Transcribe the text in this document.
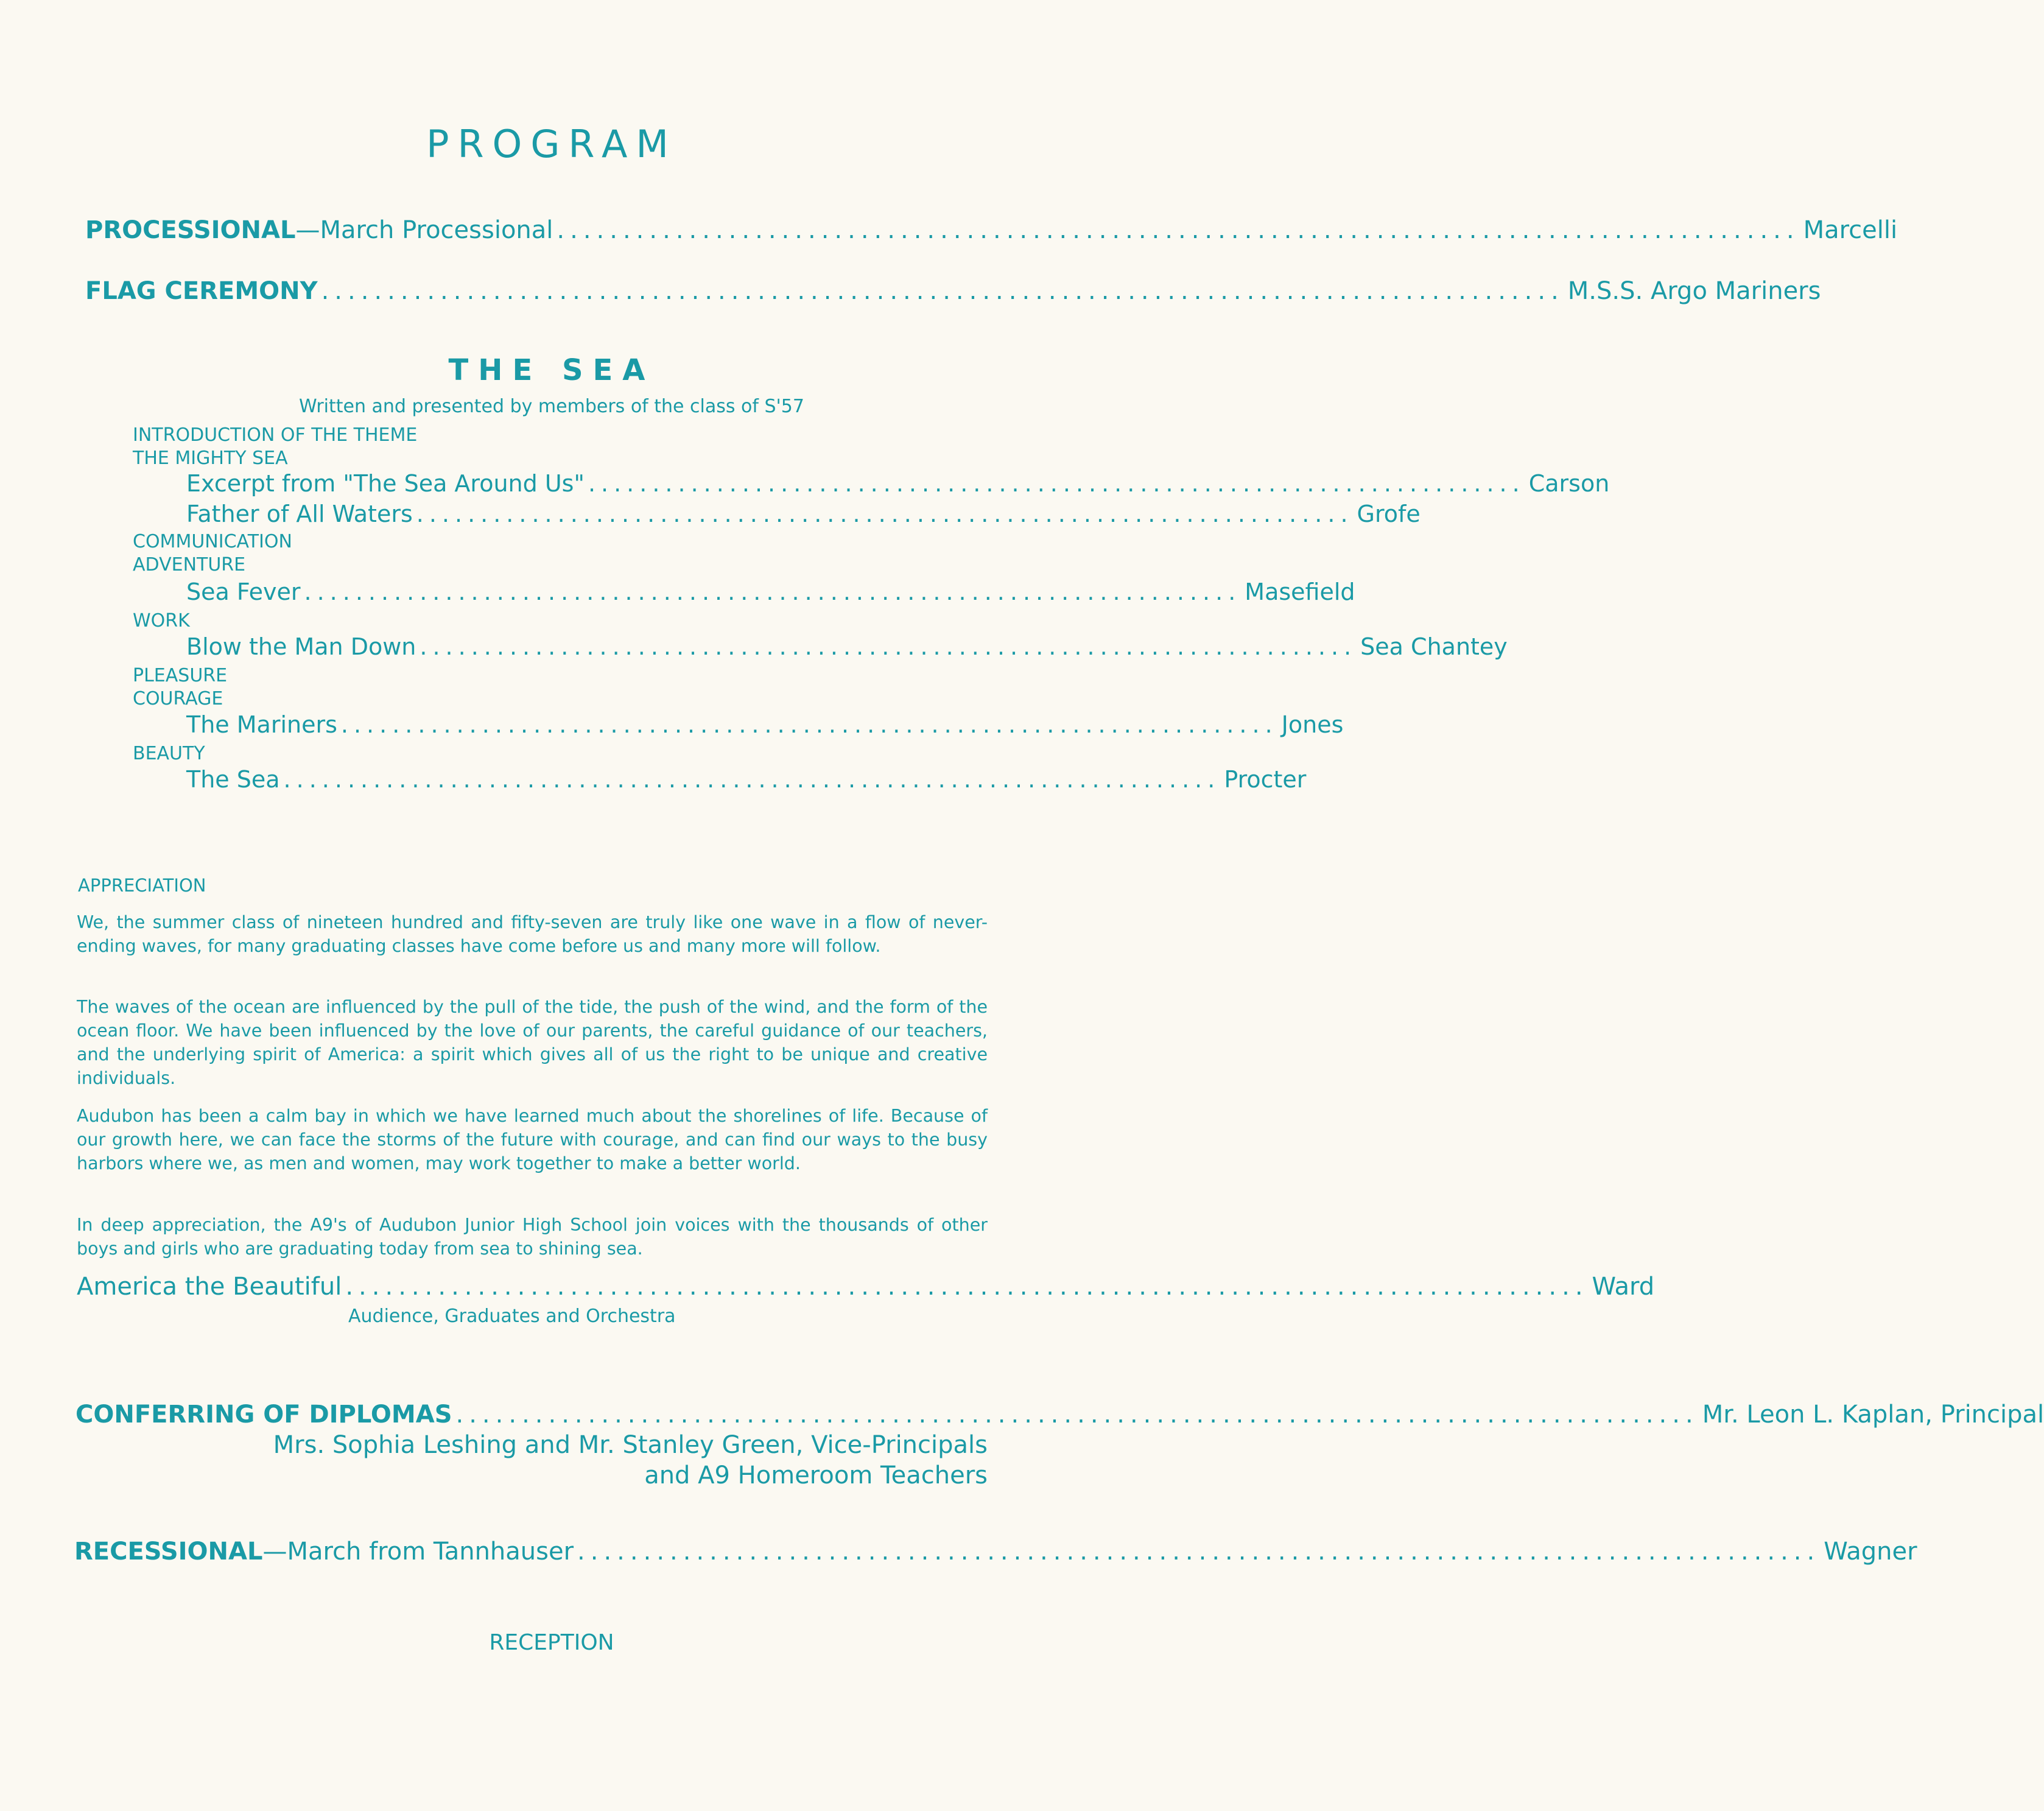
PROGRAM
PROCESSIONAL — March Processional .............................................................................................. Marcelli
FLAG CEREMONY .............................................................................................. M.S.S. Argo Mariners
THE SEA
Written and presented by members of the class of S'57
INTRODUCTION OF THE THEME
THE MIGHTY SEA
Excerpt from "The Sea Around Us" ......................................................................... Carson
Father of All Waters ......................................................................... Grofe
COMMUNICATION
ADVENTURE
Sea Fever ......................................................................... Masefield
WORK
Blow the Man Down ......................................................................... Sea Chantey
PLEASURE
COURAGE
The Mariners ......................................................................... Jones
BEAUTY
The Sea ......................................................................... Procter
APPRECIATION
We, the summer class of nineteen hundred and fifty-seven are truly like one wave in a flow of never-ending waves, for many graduating classes have come before us and many more will follow.
The waves of the ocean are influenced by the pull of the tide, the push of the wind, and the form of the ocean floor. We have been influenced by the love of our parents, the careful guidance of our teachers, and the underlying spirit of America: a spirit which gives all of us the right to be unique and creative individuals.
Audubon has been a calm bay in which we have learned much about the shorelines of life. Because of our growth here, we can face the storms of the future with courage, and can find our ways to the busy harbors where we, as men and women, may work together to make a better world.
In deep appreciation, the A9's of Audubon Junior High School join voices with the thousands of other boys and girls who are graduating today from sea to shining sea.
America the Beautiful .............................................................................................. Ward
Audience, Graduates and Orchestra
CONFERRING OF DIPLOMAS .............................................................................................. Mr. Leon L. Kaplan, Principal
Mrs. Sophia Leshing and Mr. Stanley Green, Vice-Principals
and A9 Homeroom Teachers
RECESSIONAL — March from Tannhauser .............................................................................................. Wagner
RECEPTION
